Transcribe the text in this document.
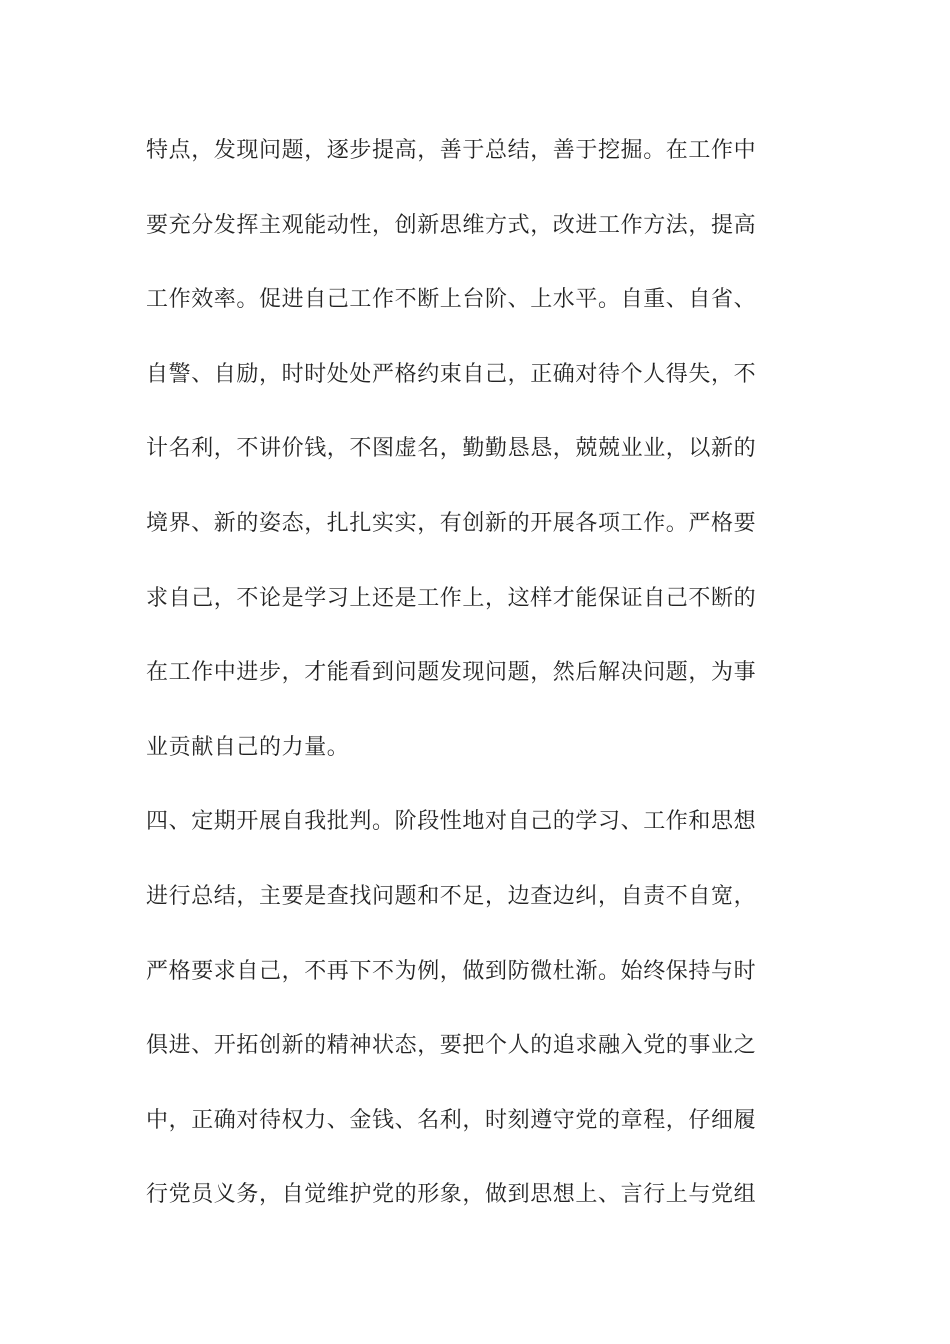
特点，发现问题，逐步提高，善于总结，善于挖掘。在工作中
要充分发挥主观能动性，创新思维方式，改进工作方法，提高
工作效率。促进自己工作不断上台阶、上水平。自重、自省、
自警、自励，时时处处严格约束自己，正确对待个人得失，不
计名利，不讲价钱，不图虚名，勤勤恳恳，兢兢业业，以新的
境界、新的姿态，扎扎实实，有创新的开展各项工作。严格要
求自己，不论是学习上还是工作上，这样才能保证自己不断的
在工作中进步，才能看到问题发现问题，然后解决问题，为事
业贡献自己的力量。
四、定期开展自我批判。阶段性地对自己的学习、工作和思想
进行总结，主要是查找问题和不足，边查边纠，自责不自宽，
严格要求自己，不再下不为例，做到防微杜渐。始终保持与时
俱进、开拓创新的精神状态，要把个人的追求融入党的事业之
中，正确对待权力、金钱、名利，时刻遵守党的章程，仔细履
行党员义务，自觉维护党的形象，做到思想上、言行上与党组
